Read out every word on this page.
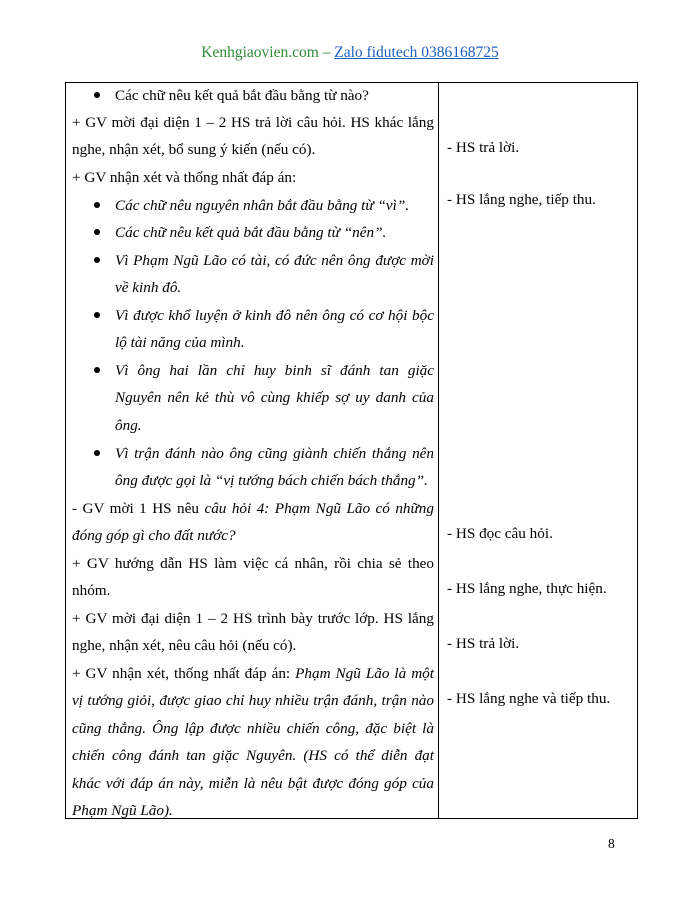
Kenhgiaovien.com – Zalo fidutech 0386168725
Các chữ nêu kết quả bắt đầu bằng từ nào?
+ GV mời đại diện 1 – 2 HS trả lời câu hỏi. HS khác lắng
nghe, nhận xét, bổ sung ý kiến (nếu có).
+ GV nhận xét và thống nhất đáp án:
Các chữ nêu nguyên nhân bắt đầu bằng từ “vì”.
Các chữ nêu kết quả bắt đầu bằng từ “nên”.
Vì Phạm Ngũ Lão có tài, có đức nên ông được mời
về kinh đô.
Vì được khổ luyện ở kinh đô nên ông có cơ hội bộc
lộ tài năng của mình.
Vì ông hai lần chỉ huy binh sĩ đánh tan giặc
Nguyên nên kẻ thù vô cùng khiếp sợ uy danh của
ông.
Vì trận đánh nào ông cũng giành chiến thắng nên
ông được gọi là “vị tướng bách chiến bách thắng”.
- GV mời 1 HS nêu câu hỏi 4: Phạm Ngũ Lão có những
đóng góp gì cho đất nước?
+ GV hướng dẫn HS làm việc cá nhân, rồi chia sẻ theo
nhóm.
+ GV mời đại diện 1 – 2 HS trình bày trước lớp. HS lắng
nghe, nhận xét, nêu câu hỏi (nếu có).
+ GV nhận xét, thống nhất đáp án: Phạm Ngũ Lão là một
vị tướng giỏi, được giao chỉ huy nhiều trận đánh, trận nào
cũng thắng. Ông lập được nhiều chiến công, đặc biệt là
chiến công đánh tan giặc Nguyên. (HS có thể diễn đạt
khác với đáp án này, miễn là nêu bật được đóng góp của
Phạm Ngũ Lão).
- HS trả lời.
- HS lắng nghe, tiếp thu.
- HS đọc câu hỏi.
- HS lắng nghe, thực hiện.
- HS trả lời.
- HS lắng nghe và tiếp thu.
8
